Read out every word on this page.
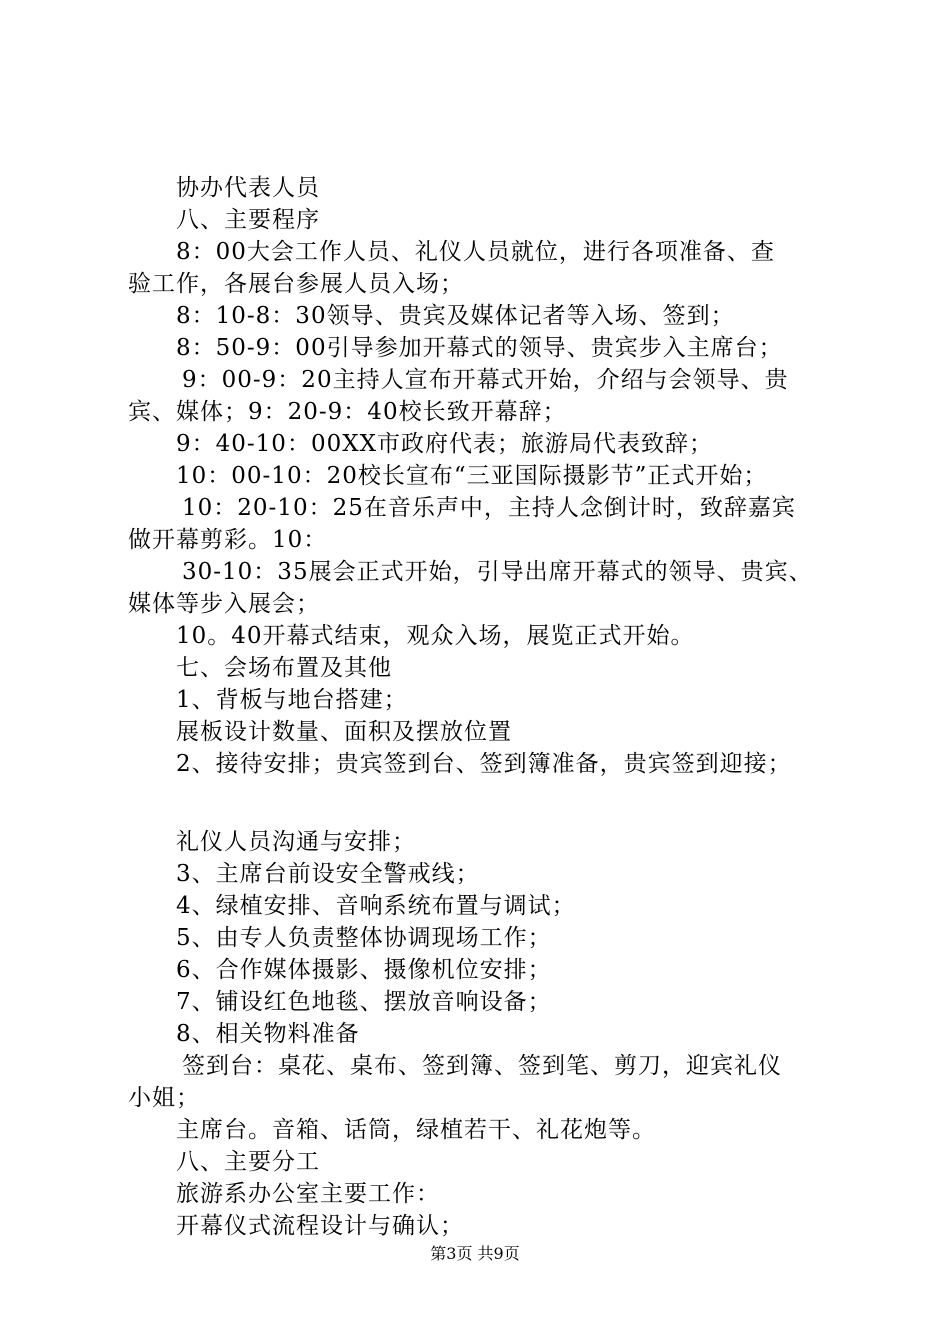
协办代表人员
八、主要程序
8：00大会工作人员、礼仪人员就位，进行各项准备、查
验工作，各展台参展人员入场；
8：10-8：30领导、贵宾及媒体记者等入场、签到；
8：50-9：00引导参加开幕式的领导、贵宾步入主席台；
9：00-9：20主持人宣布开幕式开始，介绍与会领导、贵
宾、媒体；9：20-9：40校长致开幕辞；
9：40-10：00XX市政府代表；旅游局代表致辞；
10：00-10：20校长宣布“三亚国际摄影节”正式开始；
10：20-10：25在音乐声中，主持人念倒计时，致辞嘉宾
做开幕剪彩。10：
30-10：35展会正式开始，引导出席开幕式的领导、贵宾、
媒体等步入展会；
10。40开幕式结束，观众入场，展览正式开始。
七、会场布置及其他
1、背板与地台搭建；
展板设计数量、面积及摆放位置
2、接待安排；贵宾签到台、签到簿准备，贵宾签到迎接；
礼仪人员沟通与安排；
3、主席台前设安全警戒线；
4、绿植安排、音响系统布置与调试；
5、由专人负责整体协调现场工作；
6、合作媒体摄影、摄像机位安排；
7、铺设红色地毯、摆放音响设备；
8、相关物料准备
签到台：桌花、桌布、签到簿、签到笔、剪刀，迎宾礼仪
小姐；
主席台。音箱、话筒，绿植若干、礼花炮等。
八、主要分工
旅游系办公室主要工作：
开幕仪式流程设计与确认；
第3页 共9页
